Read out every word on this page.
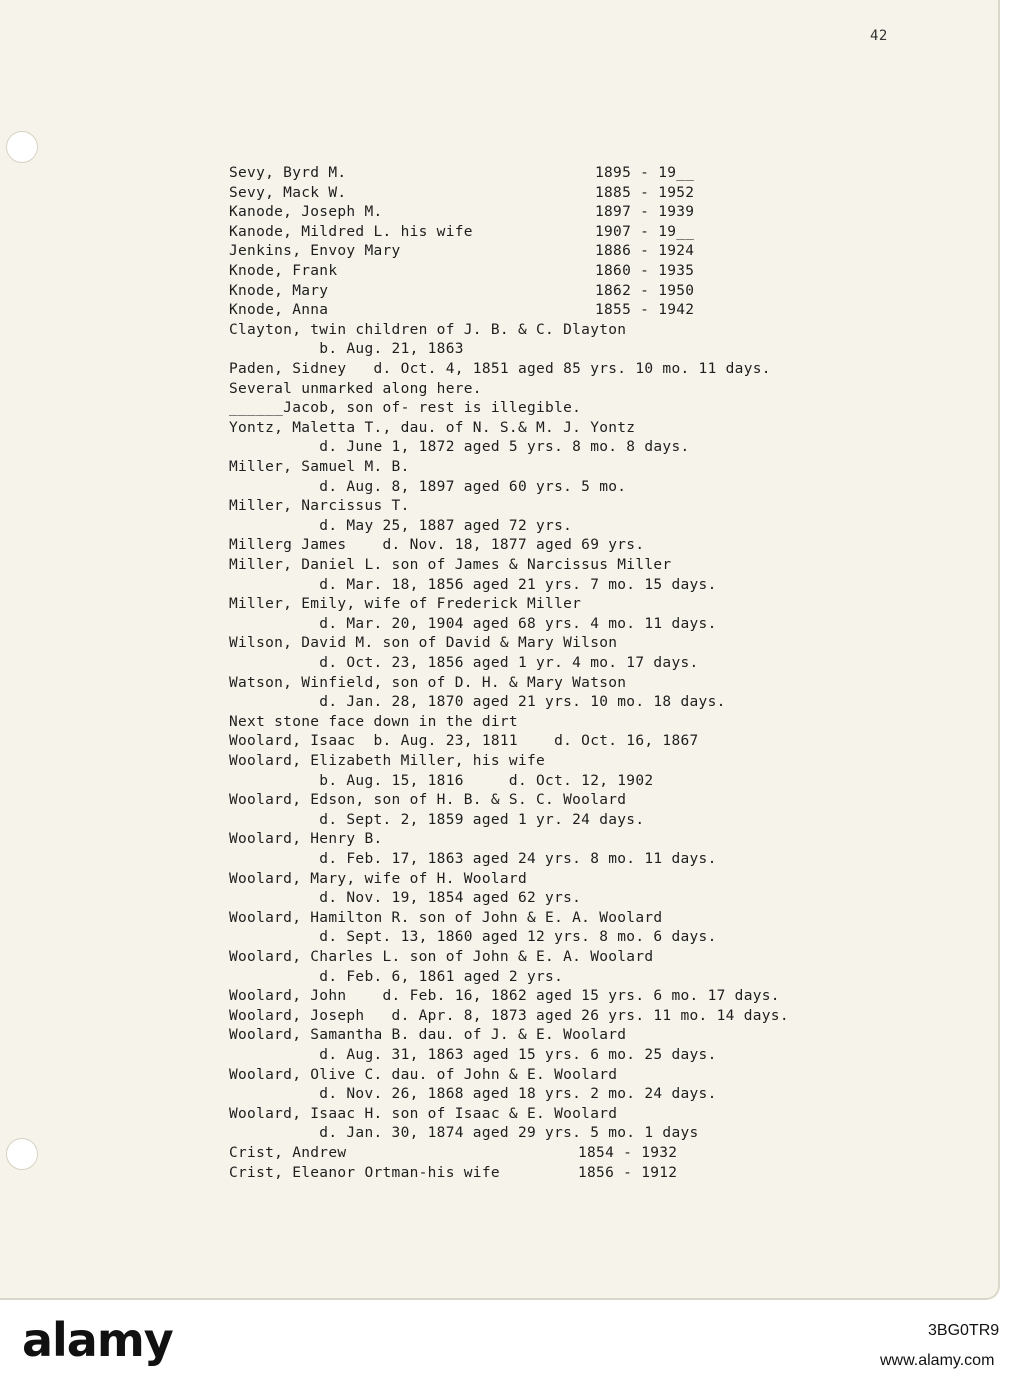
42
Sevy, Byrd M.	1895 - 19__
Sevy, Mack W.	1885 - 1952
Kanode, Joseph M.	1897 - 1939
Kanode, Mildred L. his wife	1907 - 19__
Jenkins, Envoy Mary	1886 - 1924
Knode, Frank	1860 - 1935
Knode, Mary	1862 - 1950
Knode, Anna	1855 - 1942
Clayton, twin children of J. B. & C. Dlayton
b. Aug. 21, 1863
Paden, Sidney   d. Oct. 4, 1851 aged 85 yrs. 10 mo. 11 days.
Several unmarked along here.
______Jacob, son of- rest is illegible.
Yontz, Maletta T., dau. of N. S.& M. J. Yontz
d. June 1, 1872 aged 5 yrs. 8 mo. 8 days.
Miller, Samuel M. B.
d. Aug. 8, 1897 aged 60 yrs. 5 mo.
Miller, Narcissus T.
d. May 25, 1887 aged 72 yrs.
Millerg James    d. Nov. 18, 1877 aged 69 yrs.
Miller, Daniel L. son of James & Narcissus Miller
d. Mar. 18, 1856 aged 21 yrs. 7 mo. 15 days.
Miller, Emily, wife of Frederick Miller
d. Mar. 20, 1904 aged 68 yrs. 4 mo. 11 days.
Wilson, David M. son of David & Mary Wilson
d. Oct. 23, 1856 aged 1 yr. 4 mo. 17 days.
Watson, Winfield, son of D. H. & Mary Watson
d. Jan. 28, 1870 aged 21 yrs. 10 mo. 18 days.
Next stone face down in the dirt
Woolard, Isaac  b. Aug. 23, 1811    d. Oct. 16, 1867
Woolard, Elizabeth Miller, his wife
b. Aug. 15, 1816     d. Oct. 12, 1902
Woolard, Edson, son of H. B. & S. C. Woolard
d. Sept. 2, 1859 aged 1 yr. 24 days.
Woolard, Henry B.
d. Feb. 17, 1863 aged 24 yrs. 8 mo. 11 days.
Woolard, Mary, wife of H. Woolard
d. Nov. 19, 1854 aged 62 yrs.
Woolard, Hamilton R. son of John & E. A. Woolard
d. Sept. 13, 1860 aged 12 yrs. 8 mo. 6 days.
Woolard, Charles L. son of John & E. A. Woolard
d. Feb. 6, 1861 aged 2 yrs.
Woolard, John    d. Feb. 16, 1862 aged 15 yrs. 6 mo. 17 days.
Woolard, Joseph   d. Apr. 8, 1873 aged 26 yrs. 11 mo. 14 days.
Woolard, Samantha B. dau. of J. & E. Woolard
d. Aug. 31, 1863 aged 15 yrs. 6 mo. 25 days.
Woolard, Olive C. dau. of John & E. Woolard
d. Nov. 26, 1868 aged 18 yrs. 2 mo. 24 days.
Woolard, Isaac H. son of Isaac & E. Woolard
d. Jan. 30, 1874 aged 29 yrs. 5 mo. 1 days
Crist, Andrew	1854 - 1932
Crist, Eleanor Ortman-his wife	1856 - 1912
alamy	3BG0TR9
www.alamy.com
